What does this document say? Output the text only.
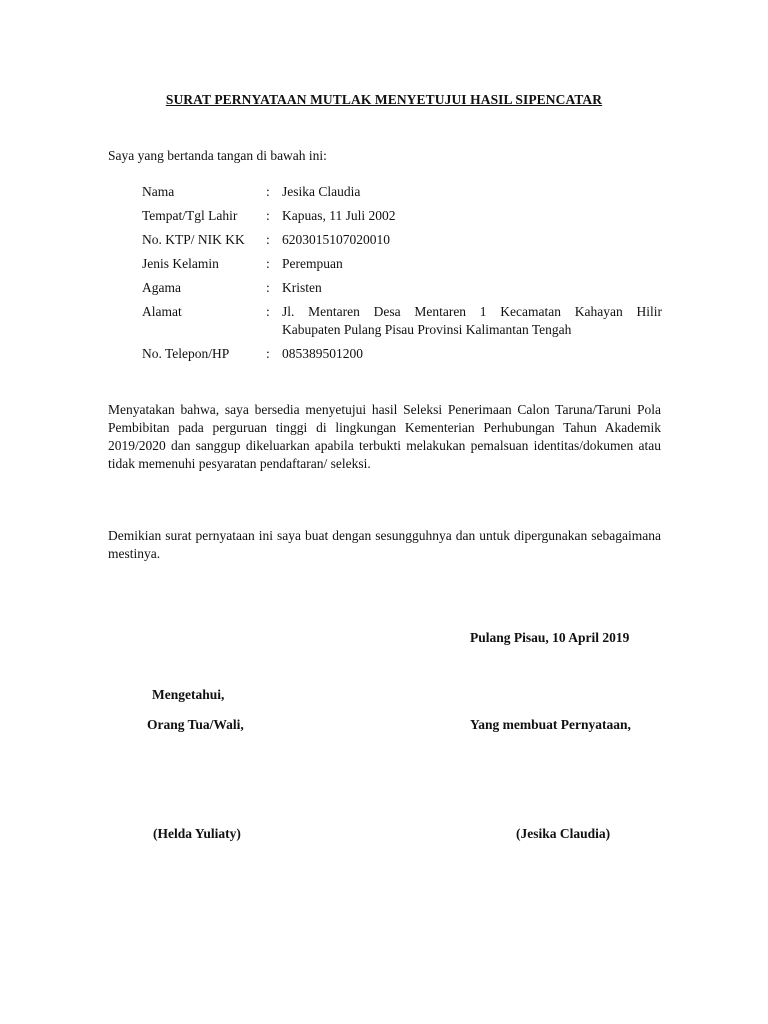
SURAT PERNYATAAN MUTLAK MENYETUJUI HASIL SIPENCATAR
Saya yang bertanda tangan di bawah ini:
Nama	: Jesika Claudia
Tempat/Tgl Lahir	: Kapuas, 11 Juli 2002
No. KTP/ NIK KK	: 6203015107020010
Jenis Kelamin	: Perempuan
Agama	: Kristen
Alamat	: Jl. Mentaren Desa Mentaren 1 Kecamatan Kahayan Hilir
Kabupaten Pulang Pisau Provinsi Kalimantan Tengah
No. Telepon/HP	: 085389501200
Menyatakan bahwa, saya bersedia menyetujui hasil Seleksi Penerimaan Calon Taruna/Taruni Pola Pembibitan pada perguruan tinggi di lingkungan Kementerian Perhubungan Tahun Akademik 2019/2020 dan sanggup dikeluarkan apabila terbukti melakukan pemalsuan identitas/dokumen atau tidak memenuhi pesyaratan pendaftaran/ seleksi.
Demikian surat pernyataan ini saya buat dengan sesungguhnya dan untuk dipergunakan sebagaimana mestinya.
Pulang Pisau, 10 April 2019
Mengetahui,
Orang Tua/Wali,	Yang membuat Pernyataan,
(Helda Yuliaty)	(Jesika Claudia)
